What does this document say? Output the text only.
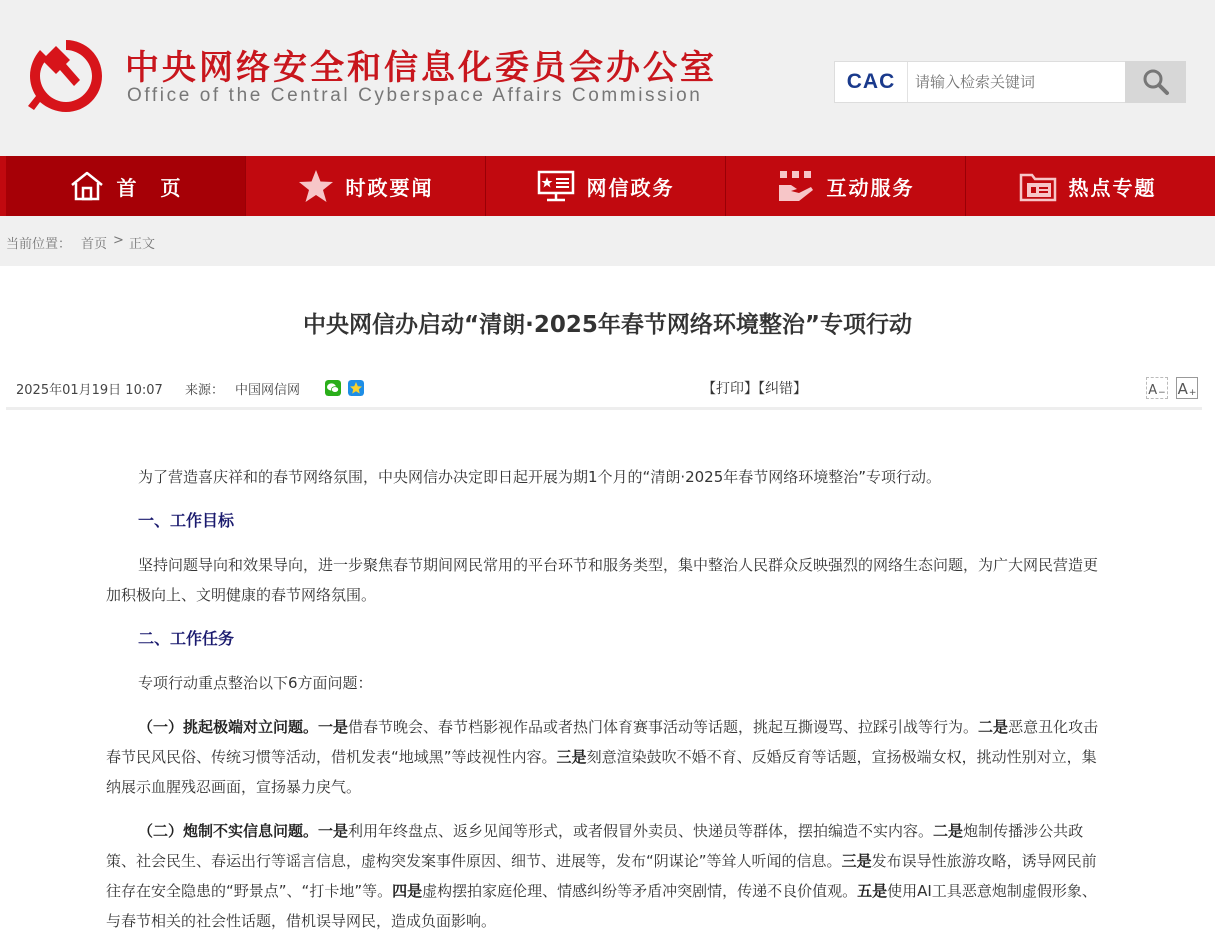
中央网络安全和信息化委员会办公室
Office of the Central Cyberspace Affairs Commission
CAC
请输入检索关键词
首　页	时政要闻	网信政务	互动服务	热点专题
当前位置： 首页 > 正文
中央网信办启动“清朗·2025年春节网络环境整治”专项行动
2025年01月19日 10:07 来源： 中国网信网	【打印】【纠错】	$A - A_+$

为了营造喜庆祥和的春节网络氛围，中央网信办决定即日起开展为期1个月的“清朗·2025年春节网络环境整治”专项行动。

一、工作目标

坚持问题导向和效果导向，进一步聚焦春节期间网民常用的平台环节和服务类型，集中整治人民群众反映强烈的网络生态问题，为广大网民营造更加积极向上、文明健康的春节网络氛围。

二、工作任务

专项行动重点整治以下6方面问题：

（一）挑起极端对立问题。一是借春节晚会、春节档影视作品或者热门体育赛事活动等话题，挑起互撕谩骂、拉踩引战等行为。二是恶意丑化攻击春节民风民俗、传统习惯等活动，借机发表“地域黑”等歧视性内容。三是刻意渲染鼓吹不婚不育、反婚反育等话题，宣扬极端女权，挑动性别对立，集纳展示血腥残忍画面，宣扬暴力戾气。

（二）炮制不实信息问题。一是利用年终盘点、返乡见闻等形式，或者假冒外卖员、快递员等群体，摆拍编造不实内容。二是炮制传播涉公共政策、社会民生、春运出行等谣言信息，虚构突发案事件原因、细节、进展等，发布“阴谋论”等耸人听闻的信息。三是发布误导性旅游攻略，诱导网民前往存在安全隐患的“野景点”、“打卡地”等。四是虚构摆拍家庭伦理、情感纠纷等矛盾冲突剧情，传递不良价值观。五是使用AI工具恶意炮制虚假形象、与春节相关的社会性话题，借机误导网民，造成负面影响。
